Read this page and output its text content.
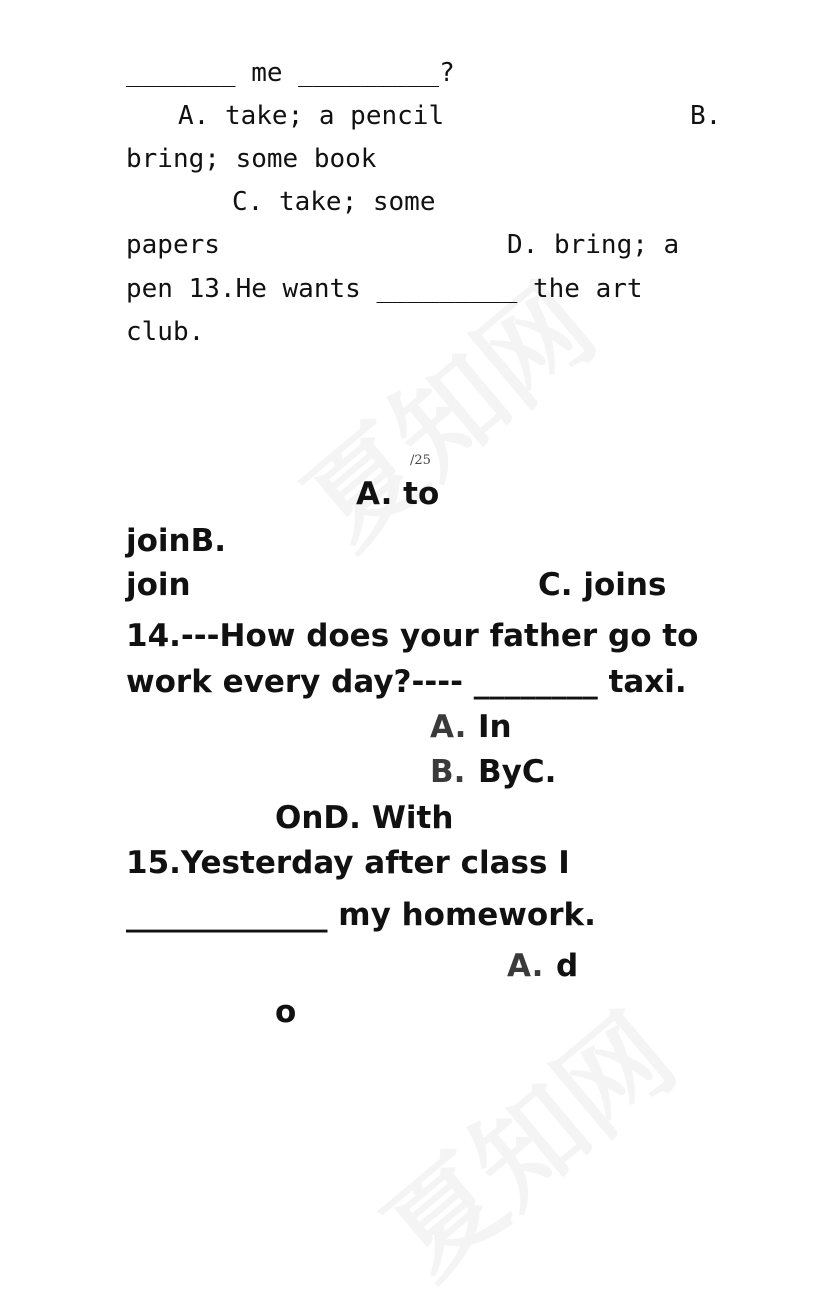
_______ me _________?
A. take; a pencil	B.
bring; some book
C. take; some
papers	D. bring; a
pen 13.He wants _________ the art
club.
/25
A. to
joinB.
join	C. joins
14.---How does your father go to
work every day?---- ________ taxi.
A. In
B. ByC.
OnD. With
15.Yesterday after class I
_____________ my homework.
A. d
o
